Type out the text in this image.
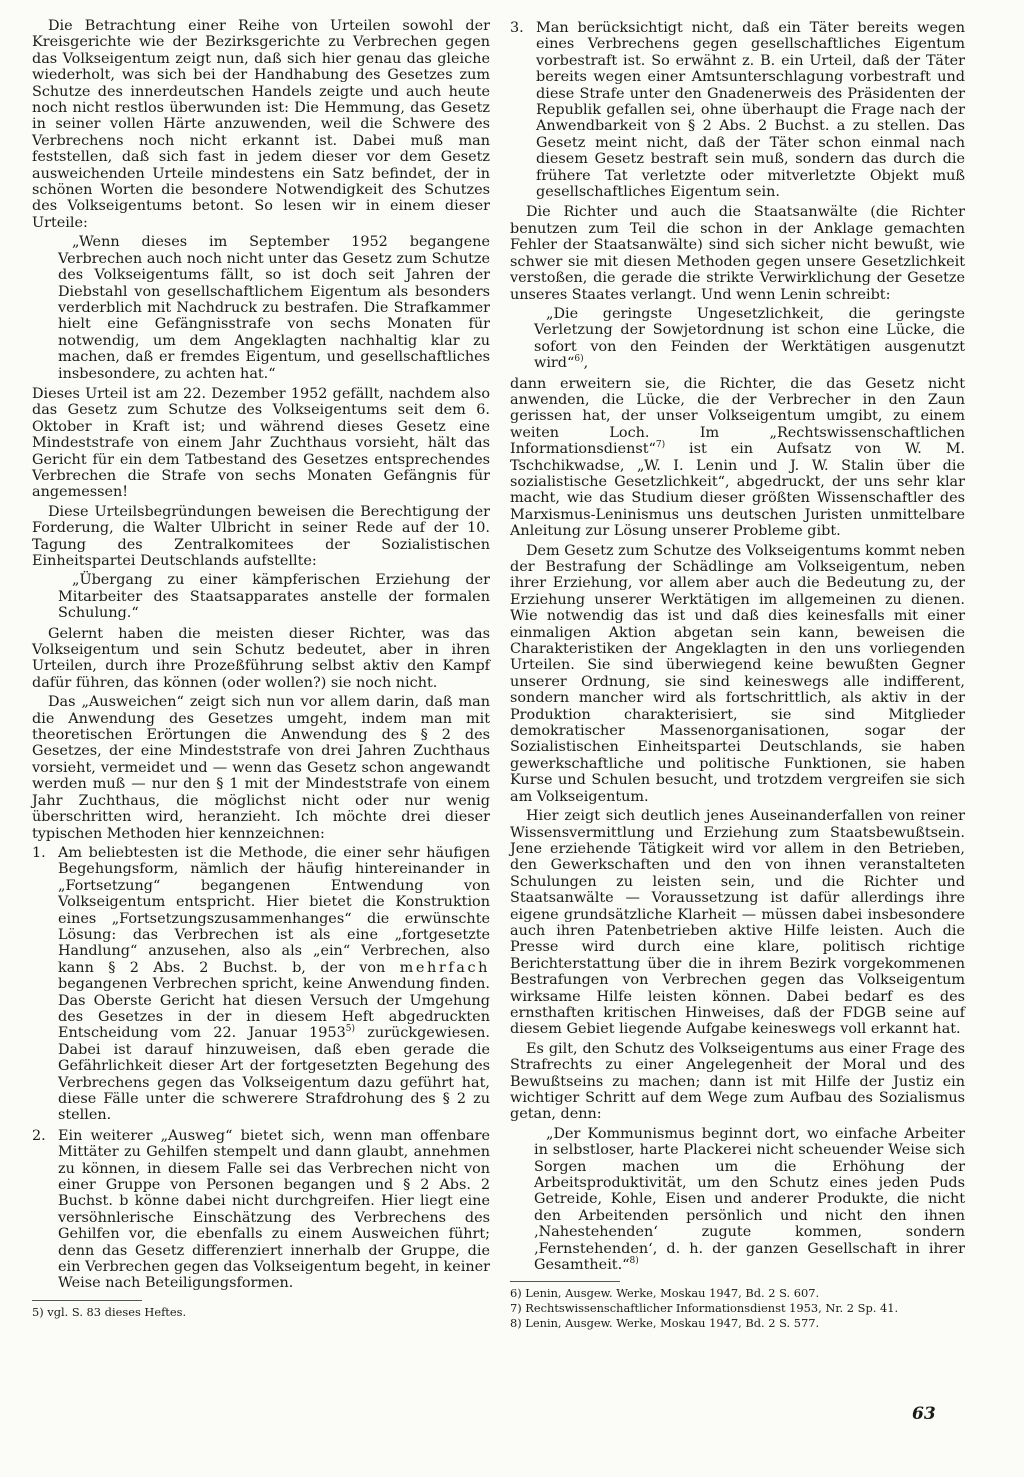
Die Betrachtung einer Reihe von Urteilen sowohl der Kreisgerichte wie der Bezirksgerichte zu Verbrechen gegen das Volkseigentum zeigt nun, daß sich hier genau das gleiche wiederholt, was sich bei der Handhabung des Gesetzes zum Schutze des innerdeutschen Handels zeigte und auch heute noch nicht restlos überwunden ist: Die Hemmung, das Gesetz in seiner vollen Härte anzuwenden, weil die Schwere des Verbrechens noch nicht erkannt ist. Dabei muß man feststellen, daß sich fast in jedem dieser vor dem Gesetz ausweichenden Urteile mindestens ein Satz befindet, der in schönen Worten die besondere Notwendigkeit des Schutzes des Volkseigentums betont. So lesen wir in einem dieser Urteile:

„Wenn dieses im September 1952 begangene Verbrechen auch noch nicht unter das Gesetz zum Schutze des Volkseigentums fällt, so ist doch seit Jahren der Diebstahl von gesellschaftlichem Eigentum als besonders verderblich mit Nachdruck zu bestrafen. Die Strafkammer hielt eine Gefängnisstrafe von sechs Monaten für notwendig, um dem Angeklagten nachhaltig klar zu machen, daß er fremdes Eigentum, und gesellschaftliches insbesondere, zu achten hat.“

Dieses Urteil ist am 22. Dezember 1952 gefällt, nachdem also das Gesetz zum Schutze des Volkseigentums seit dem 6. Oktober in Kraft ist; und während dieses Gesetz eine Mindeststrafe von einem Jahr Zuchthaus vorsieht, hält das Gericht für ein dem Tatbestand des Gesetzes entsprechendes Verbrechen die Strafe von sechs Monaten Gefängnis für angemessen!

Diese Urteilsbegründungen beweisen die Berechtigung der Forderung, die Walter Ulbricht in seiner Rede auf der 10. Tagung des Zentralkomitees der Sozialistischen Einheitspartei Deutschlands aufstellte:

„Übergang zu einer kämpferischen Erziehung der Mitarbeiter des Staatsapparates anstelle der formalen Schulung.“

Gelernt haben die meisten dieser Richter, was das Volkseigentum und sein Schutz bedeutet, aber in ihren Urteilen, durch ihre Prozeßführung selbst aktiv den Kampf dafür führen, das können (oder wollen?) sie noch nicht.

Das „Ausweichen“ zeigt sich nun vor allem darin, daß man die Anwendung des Gesetzes umgeht, indem man mit theoretischen Erörtungen die Anwendung des § 2 des Gesetzes, der eine Mindeststrafe von drei Jahren Zuchthaus vorsieht, vermeidet und — wenn das Gesetz schon angewandt werden muß — nur den § 1 mit der Mindeststrafe von einem Jahr Zuchthaus, die möglichst nicht oder nur wenig überschritten wird, heranzieht. Ich möchte drei dieser typischen Methoden hier kennzeichnen:

1. Am beliebtesten ist die Methode, die einer sehr häufigen Begehungsform, nämlich der häufig hintereinander in „Fortsetzung“ begangenen Entwendung von Volkseigentum entspricht. Hier bietet die Konstruktion eines „Fortsetzungszusammenhanges“ die erwünschte Lösung: das Verbrechen ist als eine „fortgesetzte Handlung“ anzusehen, also als „ein“ Verbrechen, also kann § 2 Abs. 2 Buchst. b, der von mehrfach begangenen Verbrechen spricht, keine Anwendung finden. Das Oberste Gericht hat diesen Versuch der Umgehung des Gesetzes in der in diesem Heft abgedruckten Entscheidung vom 22. Januar 1953$^{5)}$ zurückgewiesen. Dabei ist darauf hinzuweisen, daß eben gerade die Gefährlichkeit dieser Art der fortgesetzten Begehung des Verbrechens gegen das Volkseigentum dazu geführt hat, diese Fälle unter die schwerere Strafdrohung des § 2 zu stellen.
2. Ein weiterer „Ausweg“ bietet sich, wenn man offenbare Mittäter zu Gehilfen stempelt und dann glaubt, annehmen zu können, in diesem Falle sei das Verbrechen nicht von einer Gruppe von Personen begangen und § 2 Abs. 2 Buchst. b könne dabei nicht durchgreifen. Hier liegt eine versöhnlerische Einschätzung des Verbrechens des Gehilfen vor, die ebenfalls zu einem Ausweichen führt; denn das Gesetz differenziert innerhalb der Gruppe, die ein Verbrechen gegen das Volkseigentum begeht, in keiner Weise nach Beteiligungsformen.

5) vgl. S. 83 dieses Heftes.

3. Man berücksichtigt nicht, daß ein Täter bereits wegen eines Verbrechens gegen gesellschaftliches Eigentum vorbestraft ist. So erwähnt z. B. ein Urteil, daß der Täter bereits wegen einer Amtsunterschlagung vorbestraft und diese Strafe unter den Gnadenerweis des Präsidenten der Republik gefallen sei, ohne überhaupt die Frage nach der Anwendbarkeit von § 2 Abs. 2 Buchst. a zu stellen. Das Gesetz meint nicht, daß der Täter schon einmal nach diesem Gesetz bestraft sein muß, sondern das durch die frühere Tat verletzte oder mitverletzte Objekt muß gesellschaftliches Eigentum sein.

Die Richter und auch die Staatsanwälte (die Richter benutzen zum Teil die schon in der Anklage gemachten Fehler der Staatsanwälte) sind sich sicher nicht bewußt, wie schwer sie mit diesen Methoden gegen unsere Gesetzlichkeit verstoßen, die gerade die strikte Verwirklichung der Gesetze unseres Staates verlangt. Und wenn Lenin schreibt:

„Die geringste Ungesetzlichkeit, die geringste Verletzung der Sowjetordnung ist schon eine Lücke, die sofort von den Feinden der Werktätigen ausgenutzt wird“$^{6)}$,

dann erweitern sie, die Richter, die das Gesetz nicht anwenden, die Lücke, die der Verbrecher in den Zaun gerissen hat, der unser Volkseigentum umgibt, zu einem weiten Loch. Im „Rechtswissenschaftlichen Informationsdienst“$^{7)}$ ist ein Aufsatz von W. M. Tschchikwadse, „W. I. Lenin und J. W. Stalin über die sozialistische Gesetzlichkeit“, abgedruckt, der uns sehr klar macht, wie das Studium dieser größten Wissenschaftler des Marxismus-Leninismus uns deutschen Juristen unmittelbare Anleitung zur Lösung unserer Probleme gibt.

Dem Gesetz zum Schutze des Volkseigentums kommt neben der Bestrafung der Schädlinge am Volkseigentum, neben ihrer Erziehung, vor allem aber auch die Bedeutung zu, der Erziehung unserer Werktätigen im allgemeinen zu dienen. Wie notwendig das ist und daß dies keinesfalls mit einer einmaligen Aktion abgetan sein kann, beweisen die Charakteristiken der Angeklagten in den uns vorliegenden Urteilen. Sie sind überwiegend keine bewußten Gegner unserer Ordnung, sie sind keineswegs alle indifferent, sondern mancher wird als fortschrittlich, als aktiv in der Produktion charakterisiert, sie sind Mitglieder demokratischer Massenorganisationen, sogar der Sozialistischen Einheitspartei Deutschlands, sie haben gewerkschaftliche und politische Funktionen, sie haben Kurse und Schulen besucht, und trotzdem vergreifen sie sich am Volkseigentum.

Hier zeigt sich deutlich jenes Auseinanderfallen von reiner Wissensvermittlung und Erziehung zum Staatsbewußtsein. Jene erziehende Tätigkeit wird vor allem in den Betrieben, den Gewerkschaften und den von ihnen veranstalteten Schulungen zu leisten sein, und die Richter und Staatsanwälte — Voraussetzung ist dafür allerdings ihre eigene grundsätzliche Klarheit — müssen dabei insbesondere auch ihren Patenbetrieben aktive Hilfe leisten. Auch die Presse wird durch eine klare, politisch richtige Berichterstattung über die in ihrem Bezirk vorgekommenen Bestrafungen von Verbrechen gegen das Volkseigentum wirksame Hilfe leisten können. Dabei bedarf es des ernsthaften kritischen Hinweises, daß der FDGB seine auf diesem Gebiet liegende Aufgabe keineswegs voll erkannt hat.

Es gilt, den Schutz des Volkseigentums aus einer Frage des Strafrechts zu einer Angelegenheit der Moral und des Bewußtseins zu machen; dann ist mit Hilfe der Justiz ein wichtiger Schritt auf dem Wege zum Aufbau des Sozialismus getan, denn:

„Der Kommunismus beginnt dort, wo einfache Arbeiter in selbstloser, harte Plackerei nicht scheuender Weise sich Sorgen machen um die Erhöhung der Arbeitsproduktivität, um den Schutz eines jeden Puds Getreide, Kohle, Eisen und anderer Produkte, die nicht den Arbeitenden persönlich und nicht den ihnen ‚Nahestehenden‘ zugute kommen, sondern ‚Fernstehenden‘, d. h. der ganzen Gesellschaft in ihrer Gesamtheit.“$^{8)}$

6) Lenin, Ausgew. Werke, Moskau 1947, Bd. 2 S. 607.

7) Rechtswissenschaftlicher Informationsdienst 1953, Nr. 2 Sp. 41.

8) Lenin, Ausgew. Werke, Moskau 1947, Bd. 2 S. 577.

63
